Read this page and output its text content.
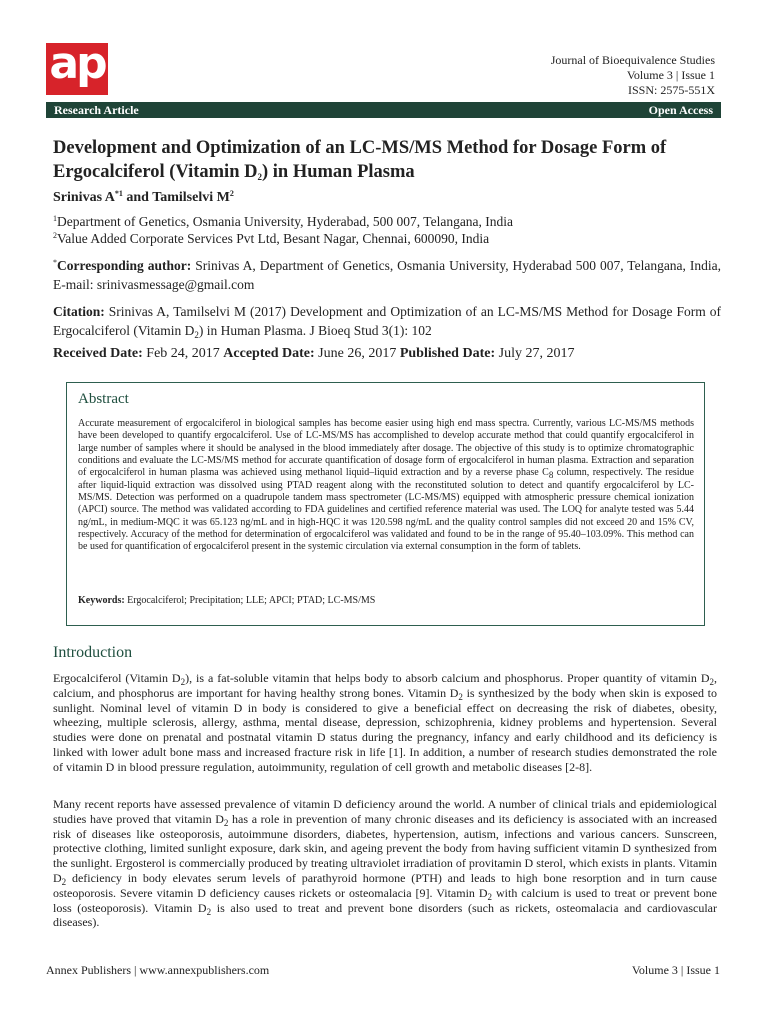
ap	Journal of Bioequivalence Studies
Volume 3 | Issue 1
ISSN: 2575-551X
Research Article	Open Access
Development and Optimization of an LC-MS/MS Method for Dosage Form of Ergocalciferol (Vitamin $D_2$) in Human Plasma
Srinivas $A^{*1}$ and Tamilselvi $M^2$
$^1$Department of Genetics, Osmania University, Hyderabad, 500 007, Telangana, India
$^2$Value Added Corporate Services Pvt Ltd, Besant Nagar, Chennai, 600090, India
*Corresponding author: Srinivas A, Department of Genetics, Osmania University, Hyderabad 500 007, Telangana, India, E-mail: srinivasmessage@gmail.com
Citation: Srinivas A, Tamilselvi M (2017) Development and Optimization of an LC-MS/MS Method for Dosage Form of Ergocalciferol (Vitamin $D_2$) in Human Plasma. J Bioeq Stud 3(1): 102
Received Date: Feb 24, 2017 Accepted Date: June 26, 2017 Published Date: July 27, 2017
Abstract
Accurate measurement of ergocalciferol in biological samples has become easier using high end mass spectra. Currently, various LC-MS/MS methods have been developed to quantify ergocalciferol. Use of LC-MS/MS has accomplished to develop accurate method that could quantify ergocalciferol in large number of samples where it should be analysed in the blood immediately after dosage. The objective of this study is to optimize chromatographic conditions and evaluate the LC-MS/MS method for accurate quantification of dosage form of ergocalciferol in human plasma. Extraction and separation of ergocalciferol in human plasma was achieved using methanol liquid–liquid extraction and by a reverse phase $C_8$ column, respectively. The residue after liquid-liquid extraction was dissolved using PTAD reagent along with the reconstituted solution to detect and quantify ergocalciferol by LC-MS/MS. Detection was performed on a quadrupole tandem mass spectrometer (LC-MS/MS) equipped with atmospheric pressure chemical ionization (APCI) source. The method was validated according to FDA guidelines and certified reference material was used. The LOQ for analyte tested was 5.44 ng/mL, in medium-MQC it was 65.123 ng/mL and in high-HQC it was 120.598 ng/mL and the quality control samples did not exceed 20 and 15% CV, respectively. Accuracy of the method for determination of ergocalciferol was validated and found to be in the range of 95.40–103.09%. This method can be used for quantification of ergocalciferol present in the systemic circulation via external consumption in the form of tablets.
Keywords: Ergocalciferol; Precipitation; LLE; APCI; PTAD; LC-MS/MS
Introduction
Ergocalciferol (Vitamin $D_2$), is a fat-soluble vitamin that helps body to absorb calcium and phosphorus. Proper quantity of vitamin $D_2$, calcium, and phosphorus are important for having healthy strong bones. Vitamin $D_2$ is synthesized by the body when skin is exposed to sunlight. Nominal level of vitamin D in body is considered to give a beneficial effect on decreasing the risk of diabetes, obesity, wheezing, multiple sclerosis, allergy, asthma, mental disease, depression, schizophrenia, kidney problems and hypertension. Several studies were done on prenatal and postnatal vitamin D status during the pregnancy, infancy and early childhood and its deficiency is linked with lower adult bone mass and increased fracture risk in life [1]. In addition, a number of research studies demonstrated the role of vitamin D in blood pressure regulation, autoimmunity, regulation of cell growth and metabolic diseases [2-8].
Many recent reports have assessed prevalence of vitamin D deficiency around the world. A number of clinical trials and epidemiological studies have proved that vitamin $D_2$ has a role in prevention of many chronic diseases and its deficiency is associated with an increased risk of diseases like osteoporosis, autoimmune disorders, diabetes, hypertension, autism, infections and various cancers. Sunscreen, protective clothing, limited sunlight exposure, dark skin, and ageing prevent the body from having sufficient vitamin D synthesized from the sunlight. Ergosterol is commercially produced by treating ultraviolet irradiation of provitamin D sterol, which exists in plants. Vitamin $D_2$ deficiency in body elevates serum levels of parathyroid hormone (PTH) and leads to high bone resorption and in turn cause osteoporosis. Severe vitamin D deficiency causes rickets or osteomalacia [9]. Vitamin $D_2$ with calcium is used to treat or prevent bone loss (osteoporosis). Vitamin $D_2$ is also used to treat and prevent bone disorders (such as rickets, osteomalacia and cardiovascular diseases).
Annex Publishers | www.annexpublishers.com	Volume 3 | Issue 1
